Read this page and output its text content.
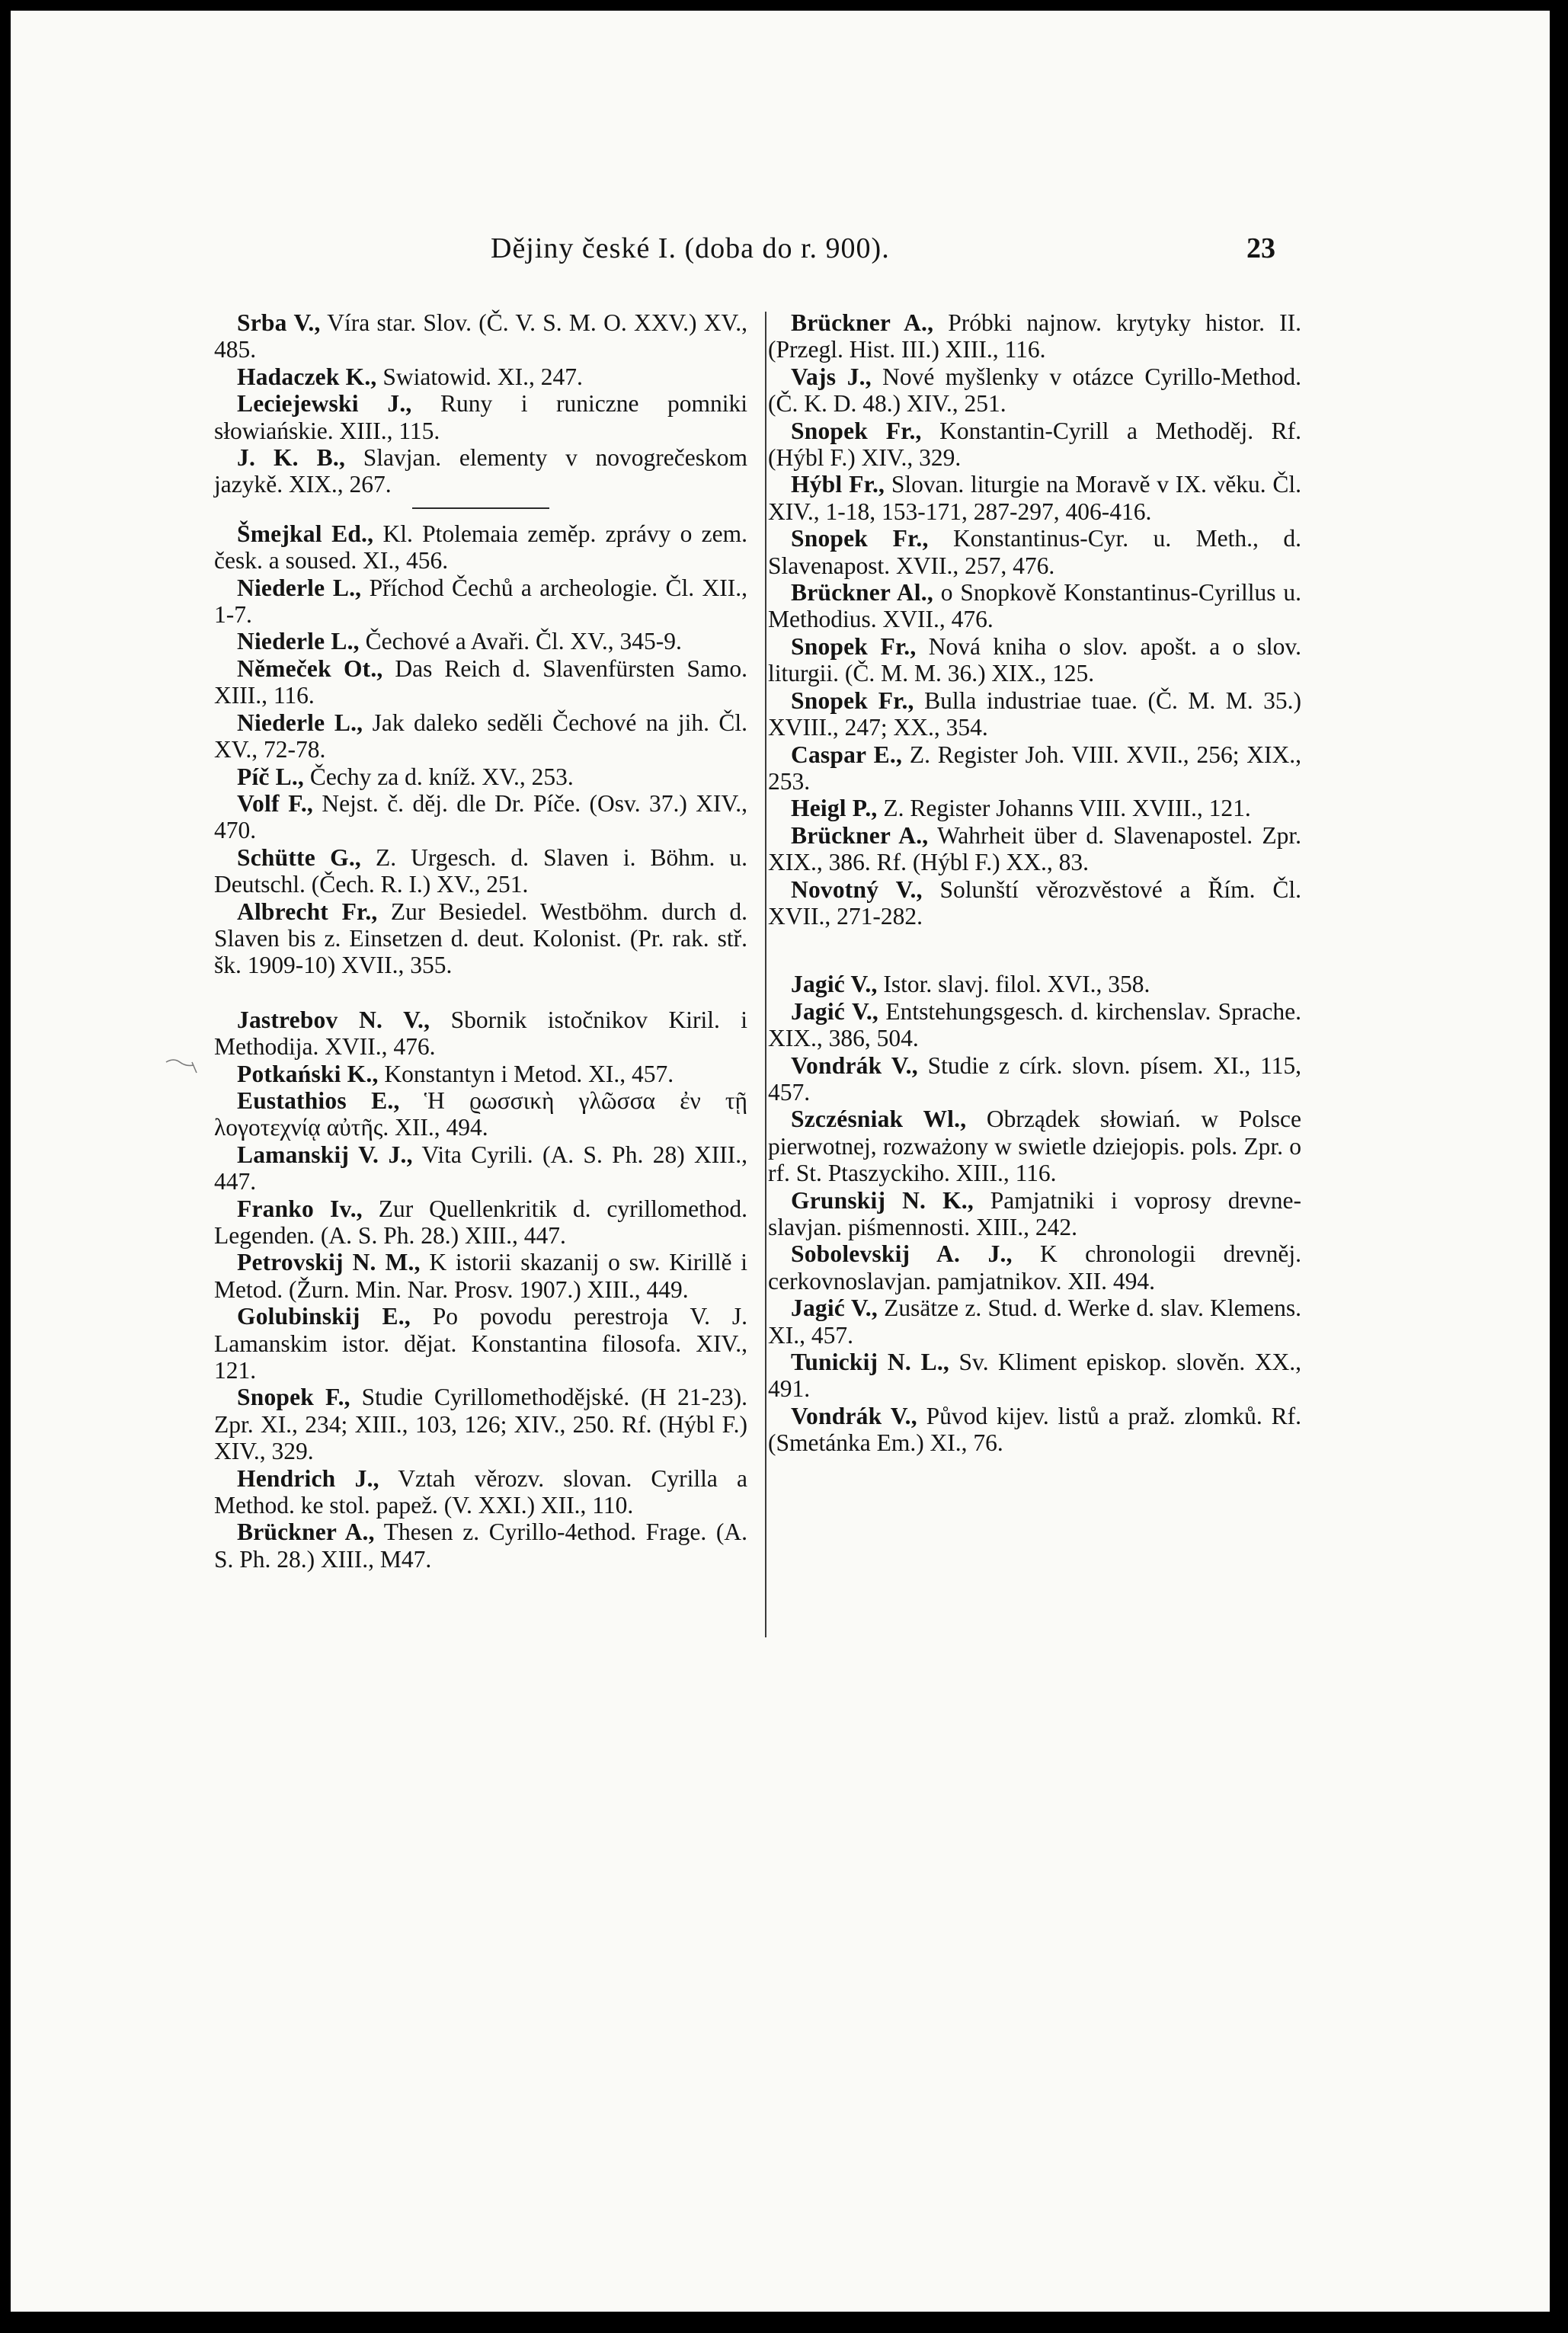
Dějiny české I. (doba do r. 900).	23

Srba V., Víra star. Slov. (Č. V. S. M. O. XXV.) XV., 485.

Hadaczek K., Swiatowid. XI., 247.

Leciejewski J., Runy i runiczne pomniki słowiańskie. XIII., 115.

J. K. B., Slavjan. elementy v novogrečeskom jazykě. XIX., 267.

Šmejkal Ed., Kl. Ptolemaia zeměp. zprávy o zem. česk. a soused. XI., 456.

Niederle L., Příchod Čechů a archeologie. Čl. XII., 1-7.

Niederle L., Čechové a Avaři. Čl. XV., 345-9.

Němeček Ot., Das Reich d. Slavenfürsten Samo. XIII., 116.

Niederle L., Jak daleko seděli Čechové na jih. Čl. XV., 72-78.

Píč L., Čechy za d. kníž. XV., 253.

Volf F., Nejst. č. děj. dle Dr. Píče. (Osv. 37.) XIV., 470.

Schütte G., Z. Urgesch. d. Slaven i. Böhm. u. Deutschl. (Čech. R. I.) XV., 251.

Albrecht Fr., Zur Besiedel. Westböhm. durch d. Slaven bis z. Einsetzen d. deut. Kolonist. (Pr. rak. stř. šk. 1909-10) XVII., 355.

Jastrebov N. V., Sbornik istočnikov Kiril. i Methodija. XVII., 476.

Potkański K., Konstantyn i Metod. XI., 457.

Eustathios E., Ἡ ϱωσσικὴ γλῶσσα ἐν τῇ λογοτεχνίᾳ αὐτῆς. XII., 494.

Lamanskij V. J., Vita Cyrili. (A. S. Ph. 28) XIII., 447.

Franko Iv., Zur Quellenkritik d. cyrillomethod. Legenden. (A. S. Ph. 28.) XIII., 447.

Petrovskij N. M., K istorii skazanij o sw. Kirillě i Metod. (Žurn. Min. Nar. Prosv. 1907.) XIII., 449.

Golubinskij E., Po povodu perestroja V. J. Lamanskim istor. dějat. Konstantina filosofa. XIV., 121.

Snopek F., Studie Cyrillomethodějské. (H 21-23). Zpr. XI., 234; XIII., 103, 126; XIV., 250. Rf. (Hýbl F.) XIV., 329.

Hendrich J., Vztah věrozv. slovan. Cyrilla a Method. ke stol. papež. (V. XXI.) XII., 110.

Brückner A., Thesen z. Cyrillo-4ethod. Frage. (A. S. Ph. 28.) XIII., M47.

Brückner A., Próbki najnow. krytyky histor. II. (Przegl. Hist. III.) XIII., 116.

Vajs J., Nové myšlenky v otázce Cyrillo-Method. (Č. K. D. 48.) XIV., 251.

Snopek Fr., Konstantin-Cyrill a Methoděj. Rf. (Hýbl F.) XIV., 329.

Hýbl Fr., Slovan. liturgie na Moravě v IX. věku. Čl. XIV., 1-18, 153-171, 287-297, 406-416.

Snopek Fr., Konstantinus-Cyr. u. Meth., d. Slavenapost. XVII., 257, 476.

Brückner Al., o Snopkově Konstantinus-Cyrillus u. Methodius. XVII., 476.

Snopek Fr., Nová kniha o slov. apošt. a o slov. liturgii. (Č. M. M. 36.) XIX., 125.

Snopek Fr., Bulla industriae tuae. (Č. M. M. 35.) XVIII., 247; XX., 354.

Caspar E., Z. Register Joh. VIII. XVII., 256; XIX., 253.

Heigl P., Z. Register Johanns VIII. XVIII., 121.

Brückner A., Wahrheit über d. Slavenapostel. Zpr. XIX., 386. Rf. (Hýbl F.) XX., 83.

Novotný V., Solunští věrozvěstové a Řím. Čl. XVII., 271-282.

Jagić V., Istor. slavj. filol. XVI., 358.

Jagić V., Entstehungsgesch. d. kirchenslav. Sprache. XIX., 386, 504.

Vondrák V., Studie z círk. slovn. písem. XI., 115, 457.

Szczésniak Wl., Obrządek słowiań. w Polsce pierwotnej, rozważony w swietle dziejopis. pols. Zpr. o rf. St. Ptaszyckiho. XIII., 116.

Grunskij N. K., Pamjatniki i voprosy drevne-slavjan. piśmennosti. XIII., 242.

Sobolevskij A. J., K chronologii drevněj. cerkovnoslavjan. pamjatnikov. XII. 494.

Jagić V., Zusätze z. Stud. d. Werke d. slav. Klemens. XI., 457.

Tunickij N. L., Sv. Kliment episkop. slověn. XX., 491.

Vondrák V., Původ kijev. listů a praž. zlomků. Rf. (Smetánka Em.) XI., 76.
